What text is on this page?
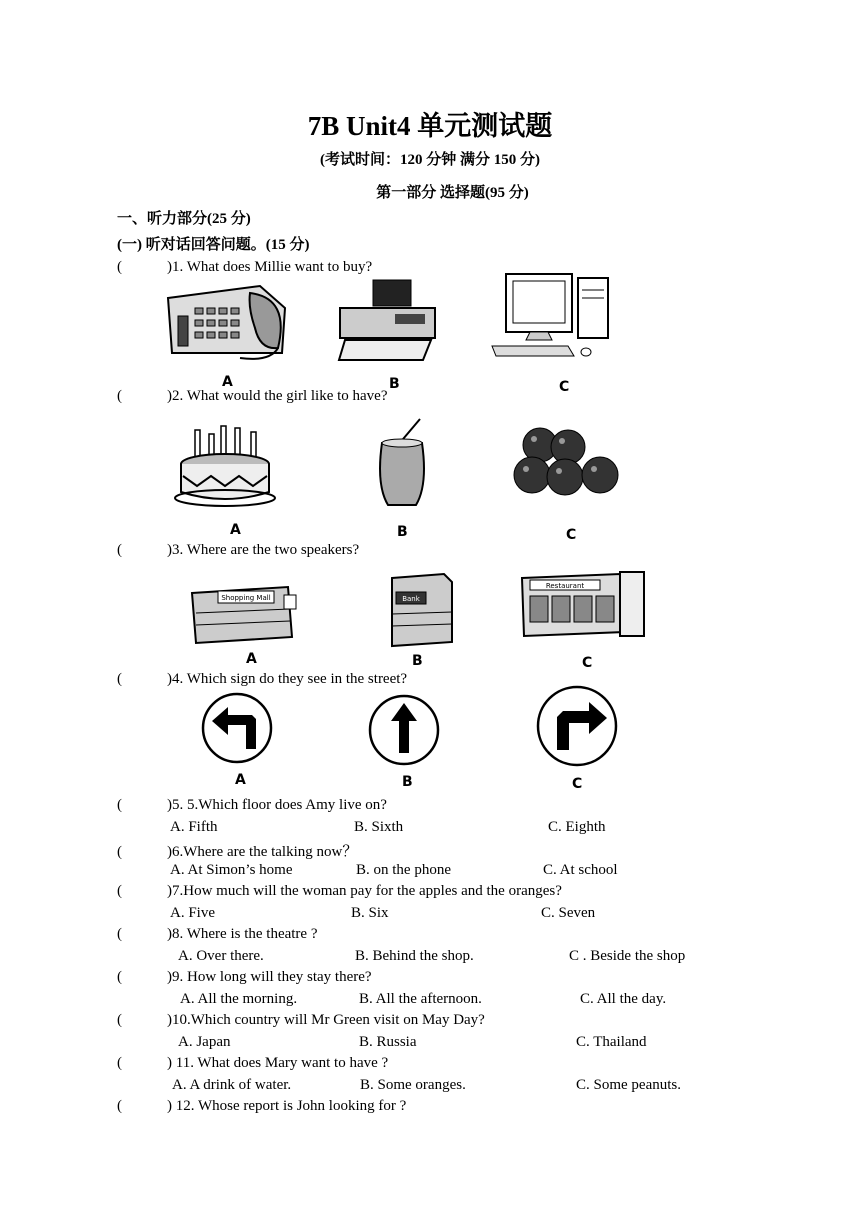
7B Unit4 单元测试题
(考试时间：120 分钟 满分 150 分)
第一部分 选择题(95 分)
一、听力部分(25 分)
(一) 听对话回答问题。(15 分)
(	)1. What does Millie want to buy?
A	B	C
(	)2. What would the girl like to have?
A	B	C
(	)3. Where are the two speakers?
Shopping Mall	Bank
Restaurant
A	B	C
(	)4. Which sign do they see in the street?
A	B	C
(	)5. 5.Which floor does Amy live on?
A. Fifth	B. Sixth	C. Eighth
(	)6.Where are the talking now？
A. At Simon’s home	B. on the phone	C. At school
(	)7.How much will the woman pay for the apples and the oranges?
A. Five	B. Six	C. Seven
(	)8. Where is the theatre ?
A. Over there.	B. Behind the shop.	C . Beside the shop
(	)9. How long will they stay there?
A. All the morning.	B. All the afternoon.	C. All the day.
(	)10.Which country will Mr Green visit on May Day?
A. Japan	B. Russia	C. Thailand
(	) 11. What does Mary want to have ?
A. A drink of water.	B. Some oranges.	C. Some peanuts.
(	) 12. Whose report is John looking for ?
